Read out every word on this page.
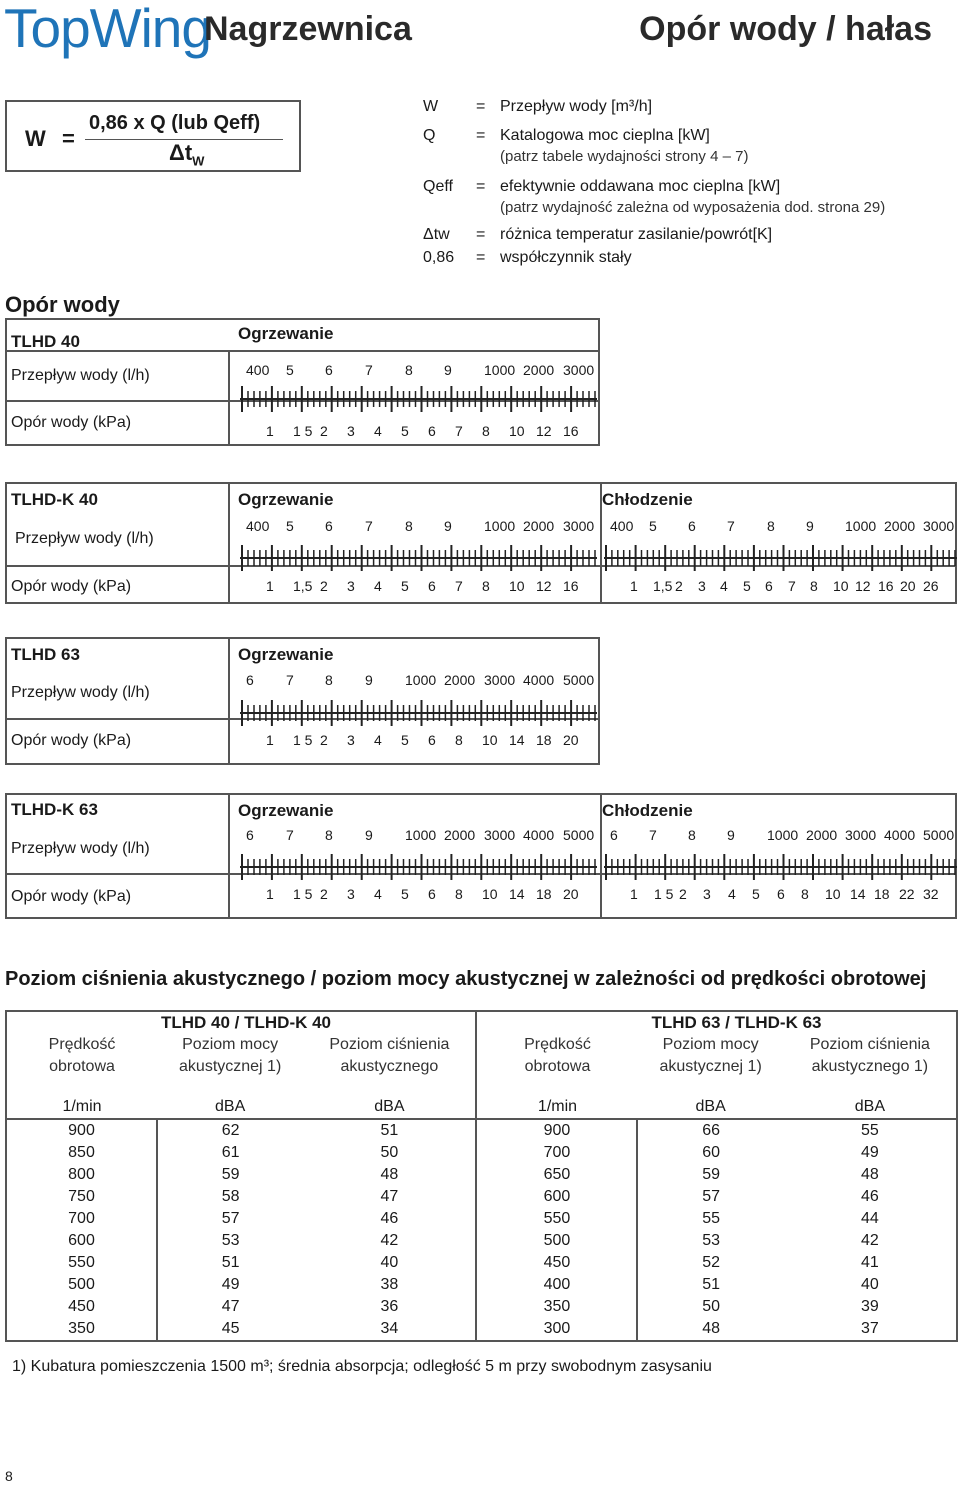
TopWing
Nagrzewnica	Opór wody / hałas
W =
0,86 x Q (lub Qeff)
$\Delta t_W$
W = Przepływ wody [m³/h]
Q	= Katalogowa moc cieplna [kW]
(patrz tabele wydajności strony 4 – 7)
Qeff = efektywnie oddawana moc cieplna [kW]
(patrz wydajność zależna od wyposażenia dod. strona 29)
Δtw = różnica temperatur zasilanie/powrót[K]
0,86 = współczynnik stały
Opór wody
TLHD 40
Przepływ wody (l/h)
Opór wody (kPa)
Ogrzewanie
400 5 6 7 8 9 1000 2000 3000
1 1 5 2 3 4 5 6 7 8 10 12 16
TLHD-K 40
Przepływ wody (l/h)
Opór wody (kPa)
Ogrzewanie
400 5 6 7 8 9 1000 2000 3000
1 1,5 2 3 4 5 6 7 8 10 12 16
Chłodzenie
400 5 6 7 8 9 1000 2000 3000
1 1,5 2 3 4 5 6 7 8 10 12 16 20 26
TLHD 63
Przepływ wody (l/h)
Opór wody (kPa)
Ogrzewanie
6 7 8 9 1000 2000 3000 4000 5000
1 1 5 2 3 4 5 6 8 10 14 18 20
TLHD-K 63
Przepływ wody (l/h)
Opór wody (kPa)
Ogrzewanie
6 7 8 9 1000 2000 3000 4000 5000
1 1 5 2 3 4 5 6 8 10 14 18 20
Chłodzenie
6 7 8 9 1000 2000 3000 4000 5000
1 1 5 2 3 4 5 6 8 10 14 18 22 32
Poziom ciśnienia akustycznego / poziom mocy akustycznej w zależności od prędkości obrotowej
	TLHD 40 / TLHD-K 40			TLHD 63 / TLHD-K 63	
Prędkość	Poziom mocy	Poziom ciśnienia	Prędkość	Poziom mocy	Poziom ciśnienia
obrotowa	akustycznej 1)	akustycznego	obrotowa	akustycznej 1)	akustycznego 1)

1/min	dBA	dBA	1/min	dBA	dBA
900	62	51	900	66	55
850	61	50	700	60	49
800	59	48	650	59	48
750	58	47	600	57	46
700	57	46	550	55	44
600	53	42	500	53	42
550	51	40	450	52	41
500	49	38	400	51	40
450	47	36	350	50	39
350	45	34	300	48	37
1) Kubatura pomieszczenia 1500 m³; średnia absorpcja; odległość 5 m przy swobodnym zasysaniu
8
